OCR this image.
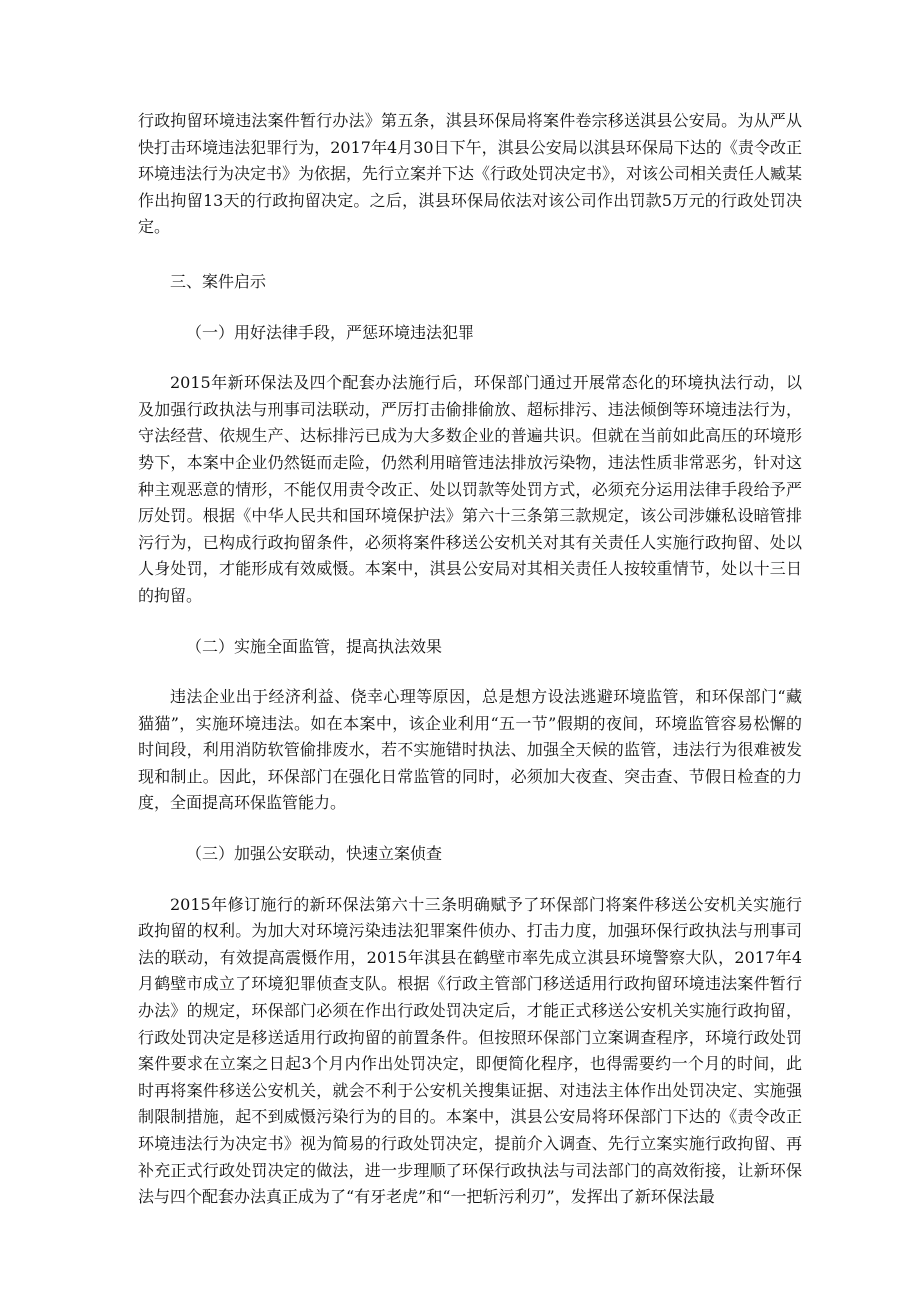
行政拘留环境违法案件暂行办法》第五条，淇县环保局将案件卷宗移送淇县公安局。为从严从快打击环境违法犯罪行为，2017年4月30日下午，淇县公安局以淇县环保局下达的《责令改正环境违法行为决定书》为依据，先行立案并下达《行政处罚决定书》，对该公司相关责任人臧某作出拘留13天的行政拘留决定。之后，淇县环保局依法对该公司作出罚款5万元的行政处罚决定。

三、案件启示

（一）用好法律手段，严惩环境违法犯罪

2015年新环保法及四个配套办法施行后，环保部门通过开展常态化的环境执法行动，以及加强行政执法与刑事司法联动，严厉打击偷排偷放、超标排污、违法倾倒等环境违法行为，守法经营、依规生产、达标排污已成为大多数企业的普遍共识。但就在当前如此高压的环境形势下，本案中企业仍然铤而走险，仍然利用暗管违法排放污染物，违法性质非常恶劣，针对这种主观恶意的情形，不能仅用责令改正、处以罚款等处罚方式，必须充分运用法律手段给予严厉处罚。根据《中华人民共和国环境保护法》第六十三条第三款规定，该公司涉嫌私设暗管排污行为，已构成行政拘留条件，必须将案件移送公安机关对其有关责任人实施行政拘留、处以人身处罚，才能形成有效威慑。本案中，淇县公安局对其相关责任人按较重情节，处以十三日的拘留。

（二）实施全面监管，提高执法效果

违法企业出于经济利益、侥幸心理等原因，总是想方设法逃避环境监管，和环保部门“藏猫猫”，实施环境违法。如在本案中，该企业利用“五一节”假期的夜间，环境监管容易松懈的时间段，利用消防软管偷排废水，若不实施错时执法、加强全天候的监管，违法行为很难被发现和制止。因此，环保部门在强化日常监管的同时，必须加大夜查、突击查、节假日检查的力度，全面提高环保监管能力。

（三）加强公安联动，快速立案侦查

2015年修订施行的新环保法第六十三条明确赋予了环保部门将案件移送公安机关实施行政拘留的权利。为加大对环境污染违法犯罪案件侦办、打击力度，加强环保行政执法与刑事司法的联动，有效提高震慑作用，2015年淇县在鹤壁市率先成立淇县环境警察大队，2017年4月鹤壁市成立了环境犯罪侦查支队。根据《行政主管部门移送适用行政拘留环境违法案件暂行办法》的规定，环保部门必须在作出行政处罚决定后，才能正式移送公安机关实施行政拘留，行政处罚决定是移送适用行政拘留的前置条件。但按照环保部门立案调查程序，环境行政处罚案件要求在立案之日起3个月内作出处罚决定，即便简化程序，也得需要约一个月的时间，此时再将案件移送公安机关，就会不利于公安机关搜集证据、对违法主体作出处罚决定、实施强制限制措施，起不到威慑污染行为的目的。本案中，淇县公安局将环保部门下达的《责令改正环境违法行为决定书》视为简易的行政处罚决定，提前介入调查、先行立案实施行政拘留、再补充正式行政处罚决定的做法，进一步理顺了环保行政执法与司法部门的高效衔接，让新环保法与四个配套办法真正成为了“有牙老虎”和“一把斩污利刃”，发挥出了新环保法最
